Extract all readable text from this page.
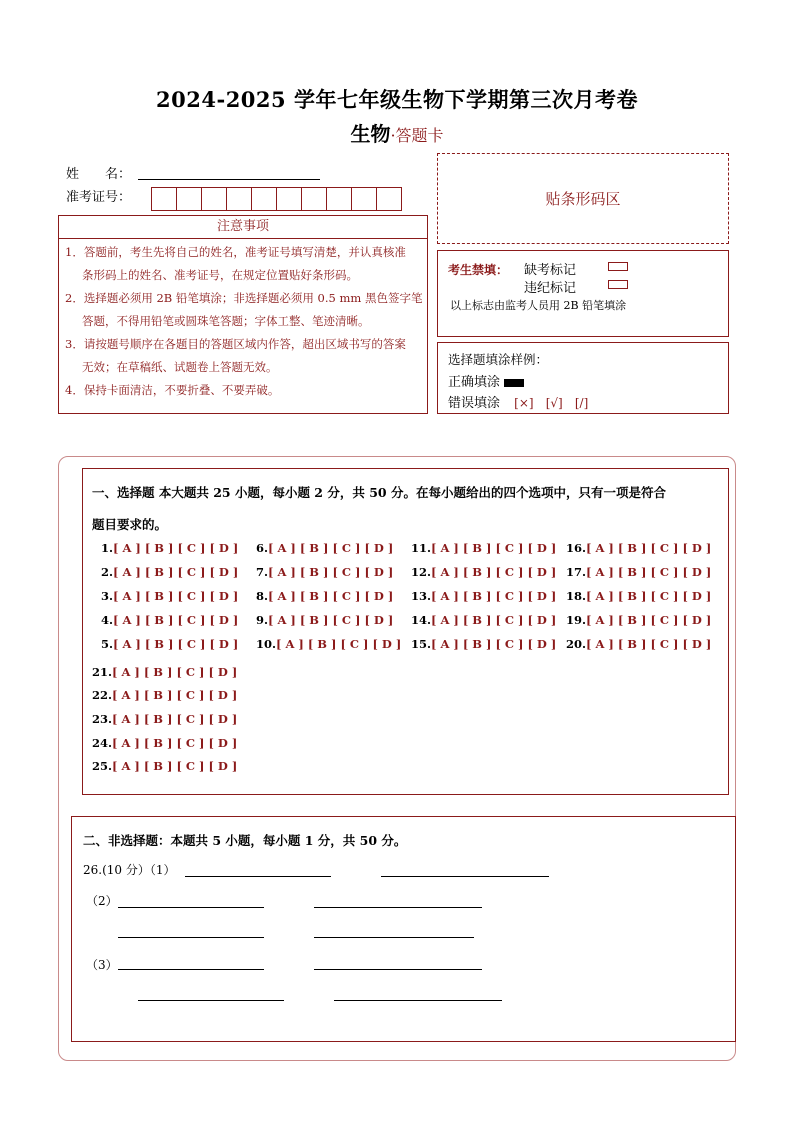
2024-2025 学年七年级生物下学期第三次月考卷
生物·答题卡
姓　　名：
准考证号：
注意事项
1．答题前，考生先将自己的姓名，准考证号填写清楚，并认真核准
条形码上的姓名、准考证号，在规定位置贴好条形码。
2．选择题必须用 2B 铅笔填涂；非选择题必须用 0.5 mm 黑色签字笔
答题，不得用铅笔或圆珠笔答题；字体工整、笔迹清晰。
3．请按题号顺序在各题目的答题区域内作答，超出区域书写的答案
无效；在草稿纸、试题卷上答题无效。
4．保持卡面清洁，不要折叠、不要弄破。
贴条形码区
考生禁填： 缺考标记
违纪标记
以上标志由监考人员用 2B 铅笔填涂
选择题填涂样例：
正确填涂
错误填涂 [×] [√] [/]
一、选择题 本大题共 25 小题，每小题 2 分，共 50 分。在每小题给出的四个选项中，只有一项是符合
题目要求的。
1.[ A ] [ B ] [ C ] [ D ]
2.[ A ] [ B ] [ C ] [ D ]
3.[ A ] [ B ] [ C ] [ D ]
4.[ A ] [ B ] [ C ] [ D ]
5.[ A ] [ B ] [ C ] [ D ]
6.[ A ] [ B ] [ C ] [ D ]
7.[ A ] [ B ] [ C ] [ D ]
8.[ A ] [ B ] [ C ] [ D ]
9.[ A ] [ B ] [ C ] [ D ]
10.[ A ] [ B ] [ C ] [ D ]
11.[ A ] [ B ] [ C ] [ D ]
12.[ A ] [ B ] [ C ] [ D ]
13.[ A ] [ B ] [ C ] [ D ]
14.[ A ] [ B ] [ C ] [ D ]
15.[ A ] [ B ] [ C ] [ D ]
16.[ A ] [ B ] [ C ] [ D ]
17.[ A ] [ B ] [ C ] [ D ]
18.[ A ] [ B ] [ C ] [ D ]
19.[ A ] [ B ] [ C ] [ D ]
20.[ A ] [ B ] [ C ] [ D ]
21.[ A ] [ B ] [ C ] [ D ]
22.[ A ] [ B ] [ C ] [ D ]
23.[ A ] [ B ] [ C ] [ D ]
24.[ A ] [ B ] [ C ] [ D ]
25.[ A ] [ B ] [ C ] [ D ]
二、非选择题：本题共 5 小题，每小题 1 分，共 50 分。
26.(10 分）（1）
（2）
（3）
